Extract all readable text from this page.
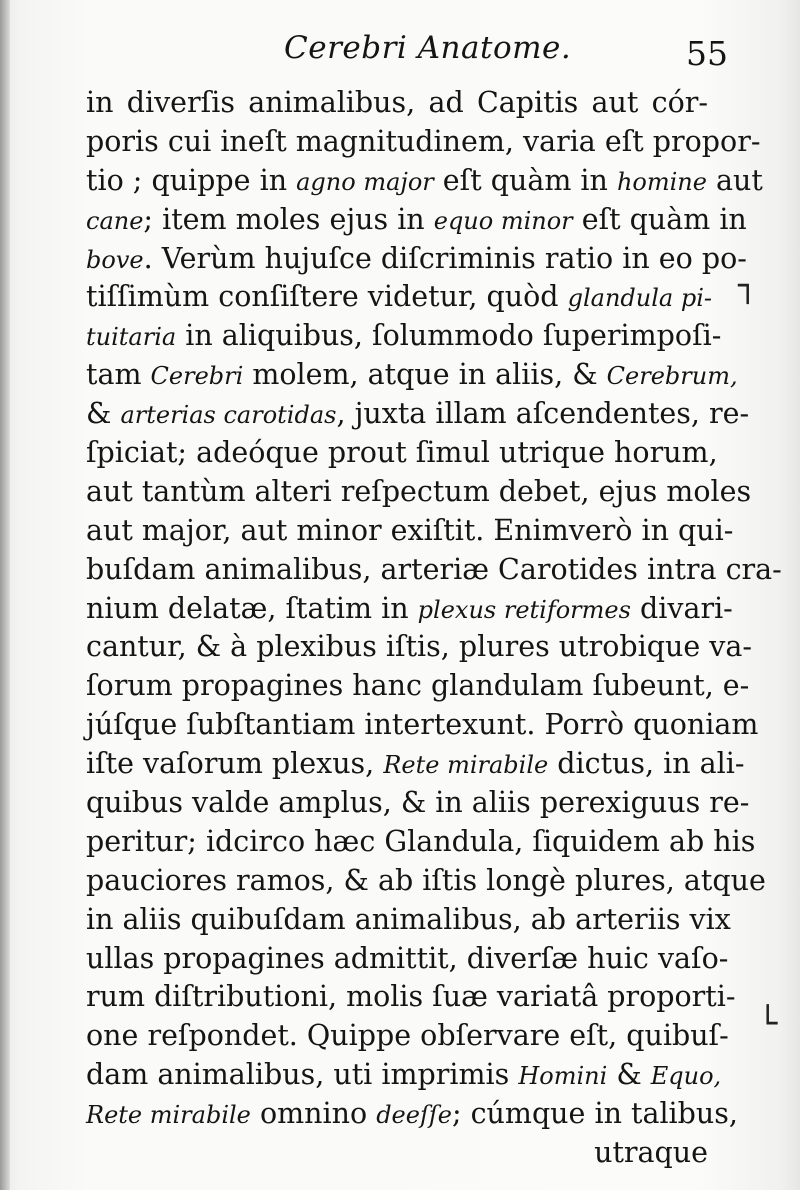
Cerebri Anatome.	55
in diverſis animalibus, ad Capitis aut cór-
poris cui ineſt magnitudinem, varia eſt propor-
tio ; quippe in agno major eſt quàm in homine aut
cane; item moles ejus in equo minor eſt quàm in
bove. Verùm hujuſce diſcriminis ratio in eo po-
tiſſimùm conſiſtere videtur, quòd glandula pi-
tuitaria in aliquibus, ſolummodo ſuperimpoſi-
tam Cerebri molem, atque in aliis, & Cerebrum,
& arterias carotidas, juxta illam aſcendentes, re-
ſpiciat; adeóque prout ſimul utrique horum,
aut tantùm alteri reſpectum debet, ejus moles
aut major, aut minor exiſtit. Enimverò in qui-
buſdam animalibus, arteriæ Carotides intra cra-
nium delatæ, ſtatim in plexus retiformes divari-
cantur, & à plexibus iſtis, plures utrobique va-
ſorum propagines hanc glandulam ſubeunt, e-
júſque ſubſtantiam intertexunt. Porrò quoniam
iſte vaſorum plexus, Rete mirabile dictus, in ali-
quibus valde amplus, & in aliis perexiguus re-
peritur; idcirco hæc Glandula, ſiquidem ab his
pauciores ramos, & ab iſtis longè plures, atque
in aliis quibuſdam animalibus, ab arteriis vix
ullas propagines admittit, diverſæ huic vaſo-
rum diſtributioni, molis ſuæ variatâ proporti-
one reſpondet. Quippe obſervare eſt, quibuſ-
dam animalibus, uti imprimis Homini & Equo,
Rete mirabile omnino deeſſe; cúmque in talibus,
utraque
┐
└
